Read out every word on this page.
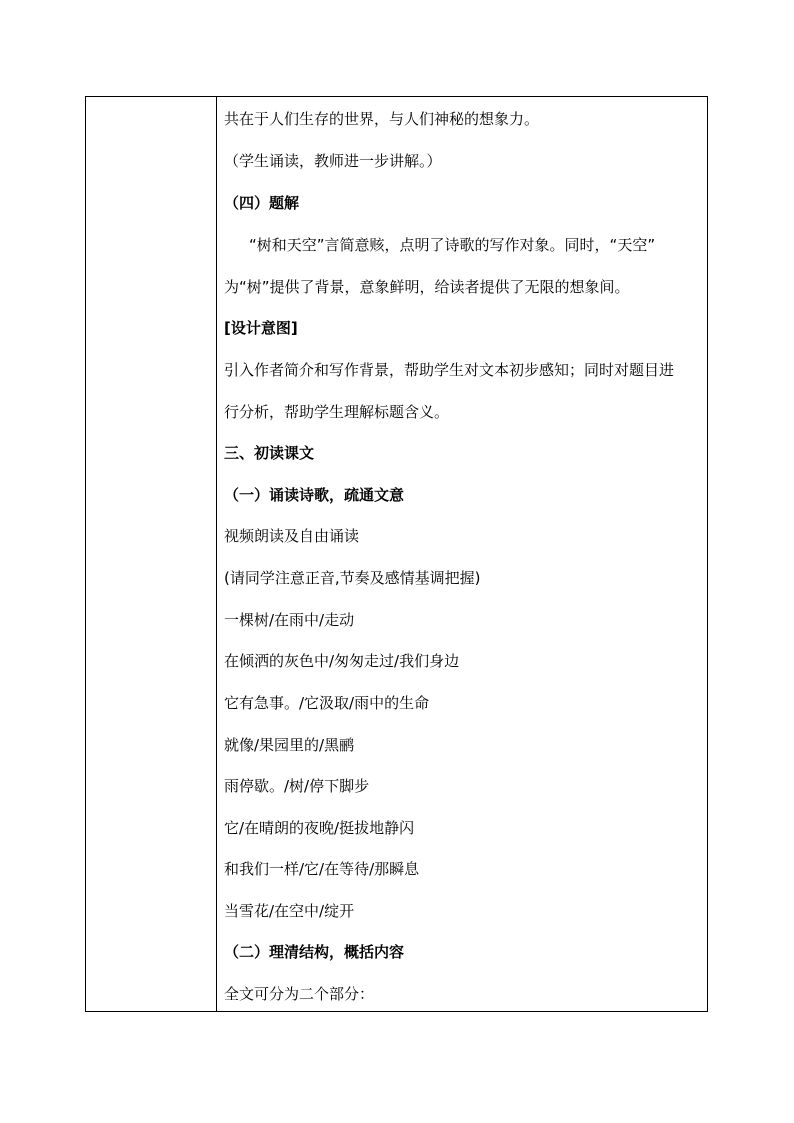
共在于人们生存的世界，与人们神秘的想象力。
（学生诵读，教师进一步讲解。）
（四）题解
“树和天空”言简意赅，点明了诗歌的写作对象。同时，“天空”
为“树”提供了背景，意象鲜明，给读者提供了无限的想象间。
[设计意图]
引入作者简介和写作背景，帮助学生对文本初步感知；同时对题目进
行分析，帮助学生理解标题含义。
三、初读课文
（一）诵读诗歌，疏通文意
视频朗读及自由诵读
(请同学注意正音,节奏及感情基调把握)
一棵树/在雨中/走动
在倾洒的灰色中/匆匆走过/我们身边
它有急事。/它汲取/雨中的生命
就像/果园里的/黑鹂
雨停歇。/树/停下脚步
它/在晴朗的夜晚/挺拔地静闪
和我们一样/它/在等待/那瞬息
当雪花/在空中/绽开
（二）理清结构，概括内容
全文可分为二个部分：
